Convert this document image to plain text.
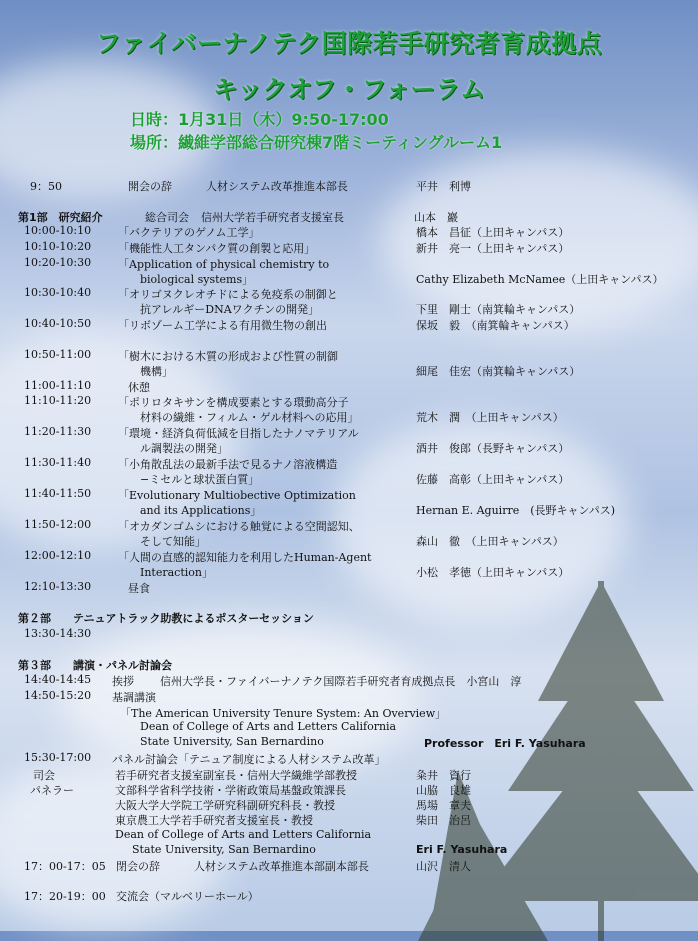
ファイバーナノテク国際若手研究者育成拠点
キックオフ・フォーラム
日時：1月31日（木）9:50-17:00
場所：繊維学部総合研究棟7階ミーティングルーム1
9：50	開会の辞	人材システム改革推進本部長	平井　利博
第1部　研究紹介	総合司会 信州大学若手研究者支援室長	山本　巖
10:00-10:10 「バクテリアのゲノム工学」	橋本　昌征（上田キャンパス）
10:10-10:20 「機能性人工タンパク質の創製と応用」	新井　亮一（上田キャンパス）
10:20-10:30 「Application of physical chemistry to
biological systems」	Cathy Elizabeth McNamee（上田キャンパス）
10:30-10:40 「オリゴヌクレオチドによる免疫系の制御と
抗アレルギーDNAワクチンの開発」	下里　剛士（南箕輪キャンパス）
10:40-10:50 「リボゾーム工学による有用微生物の創出	保坂　毅　（南箕輪キャンパス）
10:50-11:00 「樹木における木質の形成および性質の制御
機構」	細尾　佳宏（南箕輪キャンパス）
11:00-11:10	休憩
11:10-11:20 「ポリロタキサンを構成要素とする環動高分子
材料の繊維・フィルム・ゲル材料への応用」	荒木　潤　（上田キャンパス）
11:20-11:30 「環境・経済負荷低減を目指したナノマテリアル
ル調製法の開発」	酒井　俊郎（長野キャンパス）
11:30-11:40 「小角散乱法の最新手法で見るナノ溶液構造
−ミセルと球状蛋白質」	佐藤　高彰（上田キャンパス）
11:40-11:50 「Evolutionary Multiobective Optimization
and its Applications」	Hernan E. Aguirre　(長野キャンパス)
11:50-12:00 「オカダンゴムシにおける触覚による空間認知、
そして知能」	森山　徹　（上田キャンパス）
12:00-12:10 「人間の直感的認知能力を利用したHuman-Agent
Interaction」	小松　孝徳（上田キャンパス）
12:10-13:30	昼食
第２部　　テニュアトラック助教によるポスターセッション
13:30-14:30
第３部　　講演・パネル討論会
14:40-14:45 挨拶 信州大学長・ファイバーナノテク国際若手研究者育成拠点長　小宮山　淳
14:50-15:20 基調講演
「The American University Tenure System: An Overview」
Dean of College of Arts and Letters California
State University, San Bernardino	Professor　Eri F. Yasuhara
15:30-17:00 パネル討論会「テニュア制度による人材システム改革」
司会
パネラー
若手研究者支援室副室長・信州大学繊維学部教授	粂井　資行
文部科学省科学技術・学術政策局基盤政策課長	山脇　良雄
大阪大学大学院工学研究科副研究科長・教授	馬場　章夫
東京農工大学若手研究者支援室長・教授	柴田　治呂
Dean of College of Arts and Letters California
State University, San Bernardino	Eri F. Yasuhara
17：00-17：05 閉会の辞	人材システム改革推進本部副本部長	山沢　清人
17：20-19：00 交流会（マルベリーホール）
